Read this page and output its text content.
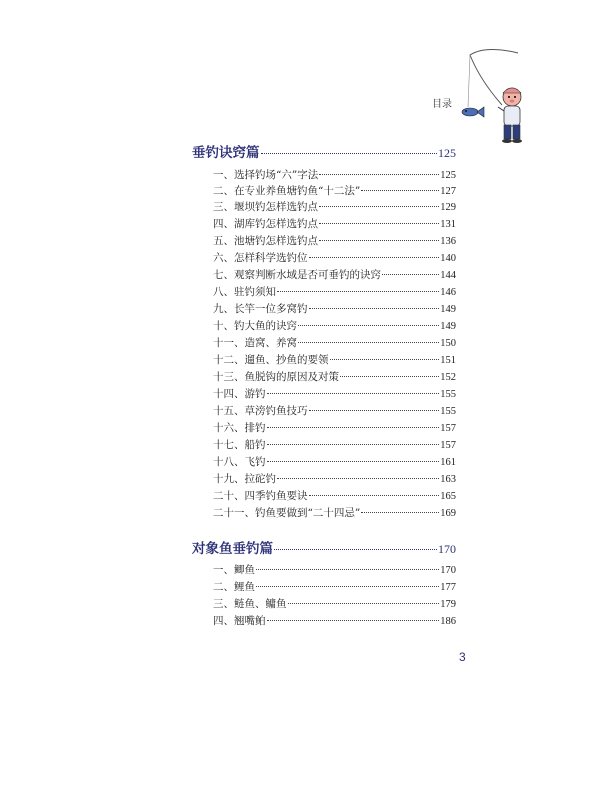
目录
垂钓诀窍篇	125
一、选择钓场“六”字法	125
二、在专业养鱼塘钓鱼“十二法”	127
三、堰坝钓怎样选钓点	129
四、湖库钓怎样选钓点	131
五、池塘钓怎样选钓点	136
六、怎样科学选钓位	140
七、观察判断水域是否可垂钓的诀窍	144
八、驻钓须知	146
九、长竿一位多窝钓	149
十、钓大鱼的诀窍	149
十一、造窝、养窝	150
十二、遛鱼、抄鱼的要领	151
十三、鱼脱钩的原因及对策	152
十四、游钓	155
十五、草滂钓鱼技巧	155
十六、排钓	157
十七、船钓	157
十八、飞钓	161
十九、拉砣钓	163
二十、四季钓鱼要诀	165
二十一、钓鱼要做到“二十四忌”	169
对象鱼垂钓篇	170
一、鲫鱼	170
二、鲤鱼	177
三、鲢鱼、鳙鱼	179
四、翘嘴鲌	186
3
